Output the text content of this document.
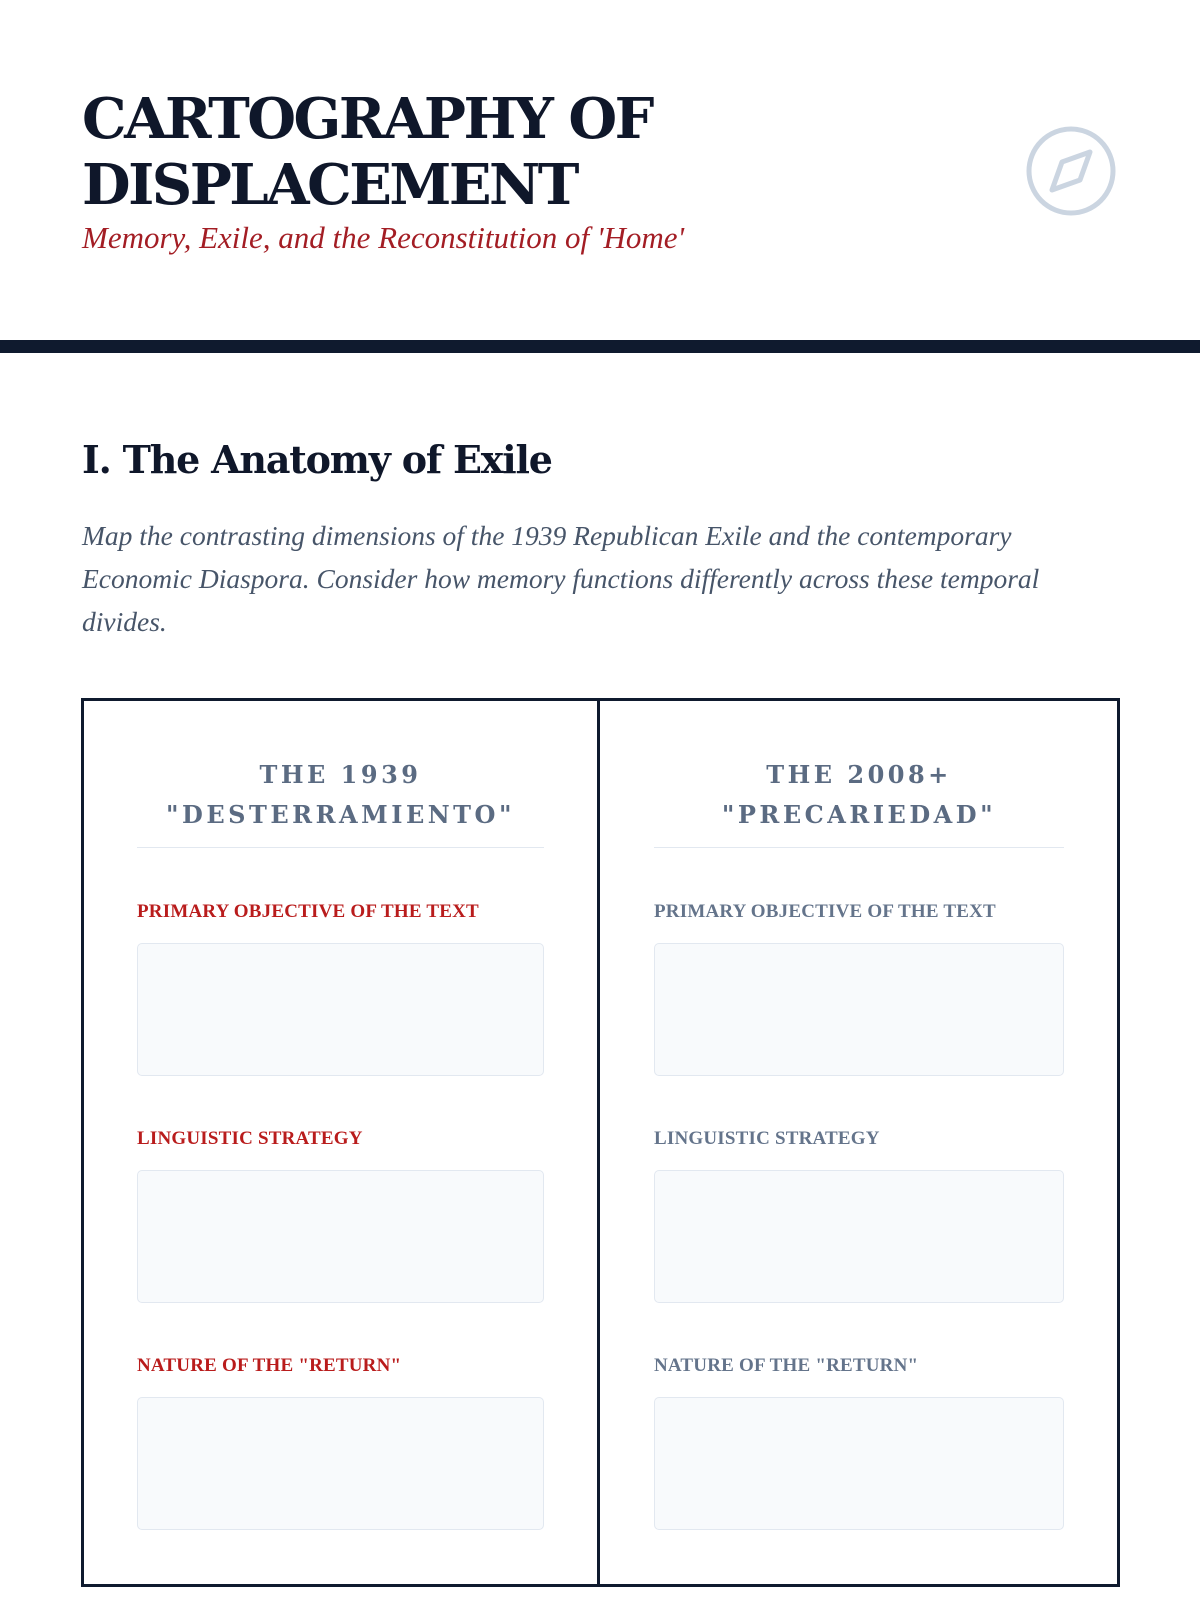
CARTOGRAPHY OF
DISPLACEMENT

Memory, Exile, and the Reconstitution of 'Home'

I. The Anatomy of Exile

Map the contrasting dimensions of the 1939 Republican Exile and the contemporary Economic Diaspora. Consider how memory functions differently across these temporal divides.

THE 1939
"DESTERRAMIENTO"

PRIMARY OBJECTIVE OF THE TEXT

LINGUISTIC STRATEGY

NATURE OF THE "RETURN"

THE 2008+
"PRECARIEDAD"

PRIMARY OBJECTIVE OF THE TEXT

LINGUISTIC STRATEGY

NATURE OF THE "RETURN"
